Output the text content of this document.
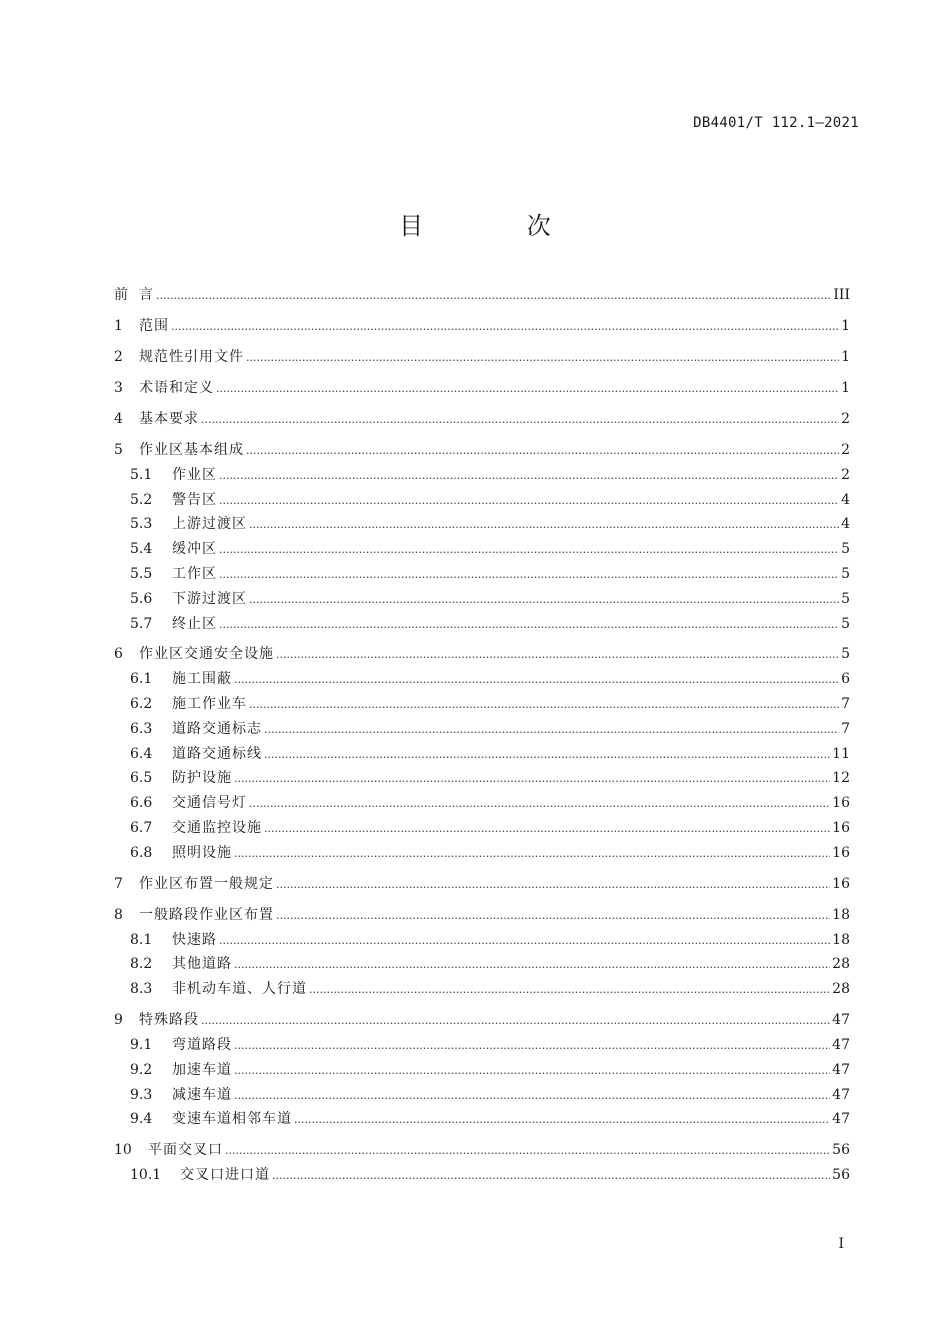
DB4401/T 112.1—2021
目 次
前 言 .....	III
1	范围 .....	1
2	规范性引用文件 .....	1
3	术语和定义 .....	1
4	基本要求 .....	2
5	作业区基本组成 .....	2
5.1	作业区 .....	2
5.2	警告区 .....	4
5.3	上游过渡区 .....	4
5.4	缓冲区 .....	5
5.5	工作区 .....	5
5.6	下游过渡区 .....	5
5.7	终止区 .....	5
6	作业区交通安全设施 .....	5
6.1	施工围蔽 .....	6
6.2	施工作业车 .....	7
6.3	道路交通标志 .....	7
6.4	道路交通标线 .....	11
6.5	防护设施 .....	12
6.6	交通信号灯 .....	16
6.7	交通监控设施 .....	16
6.8	照明设施 .....	16
7	作业区布置一般规定 .....	16
8	一般路段作业区布置 .....	18
8.1	快速路 .....	18
8.2	其他道路 .....	28
8.3	非机动车道、人行道 .....	28
9	特殊路段 .....	47
9.1	弯道路段 .....	47
9.2	加速车道 .....	47
9.3	减速车道 .....	47
9.4	变速车道相邻车道 .....	47
10	平面交叉口 .....	56
10.1	交叉口进口道 .....	56
I
